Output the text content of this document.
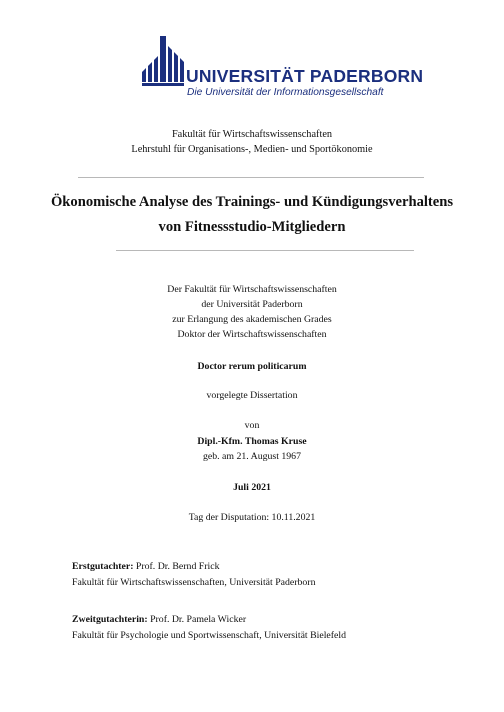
UNIVERSITÄT PADERBORN
Die Universität der Informationsgesellschaft
Fakultät für Wirtschaftswissenschaften
Lehrstuhl für Organisations-, Medien- und Sportökonomie
Ökonomische Analyse des Trainings- und Kündigungsverhaltens
von Fitnessstudio-Mitgliedern
Der Fakultät für Wirtschaftswissenschaften
der Universität Paderborn
zur Erlangung des akademischen Grades
Doktor der Wirtschaftswissenschaften
Doctor rerum politicarum
vorgelegte Dissertation
von
Dipl.-Kfm. Thomas Kruse
geb. am 21. August 1967
Juli 2021
Tag der Disputation: 10.11.2021
Erstgutachter: Prof. Dr. Bernd Frick
Fakultät für Wirtschaftswissenschaften, Universität Paderborn
Zweitgutachterin: Prof. Dr. Pamela Wicker
Fakultät für Psychologie und Sportwissenschaft, Universität Bielefeld
